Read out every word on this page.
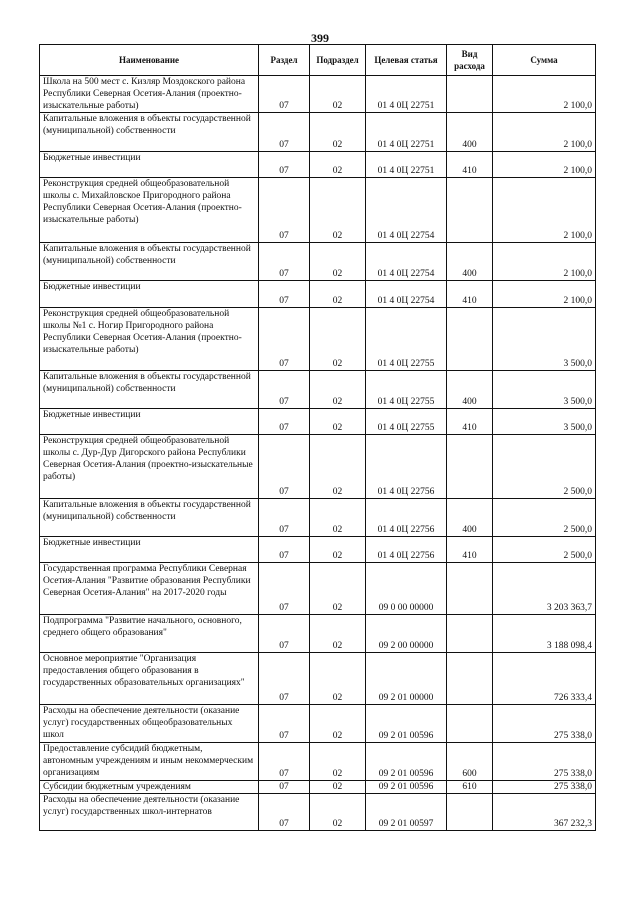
399
Наименование	Раздел	Подраздел	Целевая статья	Вид расхода	Сумма
Школа на 500 мест с. Кизляр Моздокского района Республики Северная Осетия-Алания (проектно-изыскательные работы)	07	02	01 4 0Ц 22751		2 100,0
Капитальные вложения в объекты государственной (муниципальной) собственности	07	02	01 4 0Ц 22751	400	2 100,0
Бюджетные инвестиции	07	02	01 4 0Ц 22751	410	2 100,0
Реконструкция средней общеобразовательной школы с. Михайловское Пригородного района Республики Северная Осетия-Алания (проектно-изыскательные работы)	07	02	01 4 0Ц 22754		2 100,0
Капитальные вложения в объекты государственной (муниципальной) собственности	07	02	01 4 0Ц 22754	400	2 100,0
Бюджетные инвестиции	07	02	01 4 0Ц 22754	410	2 100,0
Реконструкция средней общеобразовательной школы №1 с. Ногир Пригородного района Республики Северная Осетия-Алания (проектно-изыскательные работы)	07	02	01 4 0Ц 22755		3 500,0
Капитальные вложения в объекты государственной (муниципальной) собственности	07	02	01 4 0Ц 22755	400	3 500,0
Бюджетные инвестиции	07	02	01 4 0Ц 22755	410	3 500,0
Реконструкция средней общеобразовательной школы с. Дур-Дур Дигорского района Республики Северная Осетия-Алания (проектно-изыскательные работы)	07	02	01 4 0Ц 22756		2 500,0
Капитальные вложения в объекты государственной (муниципальной) собственности	07	02	01 4 0Ц 22756	400	2 500,0
Бюджетные инвестиции	07	02	01 4 0Ц 22756	410	2 500,0
Государственная программа Республики Северная Осетия-Алания "Развитие образования Республики Северная Осетия-Алания" на 2017-2020 годы	07	02	09 0 00 00000		3 203 363,7
Подпрограмма "Развитие начального, основного, среднего общего образования"	07	02	09 2 00 00000		3 188 098,4
Основное мероприятие "Организация предоставления общего образования в государственных образовательных организациях"	07	02	09 2 01 00000		726 333,4
Расходы на обеспечение деятельности (оказание услуг) государственных общеобразовательных школ	07	02	09 2 01 00596		275 338,0
Предоставление субсидий бюджетным, автономным учреждениям и иным некоммерческим организациям	07	02	09 2 01 00596	600	275 338,0
Субсидии бюджетным учреждениям	07	02	09 2 01 00596	610	275 338,0
Расходы на обеспечение деятельности (оказание услуг) государственных школ-интернатов	07	02	09 2 01 00597		367 232,3
